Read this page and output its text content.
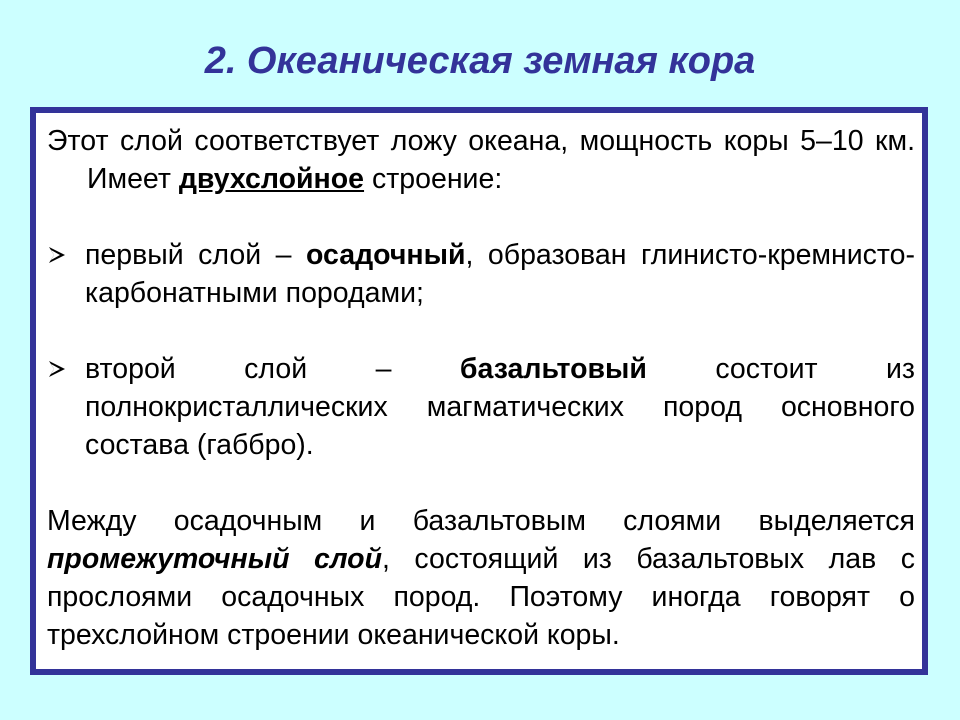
2. Океаническая земная кора

Этот слой соответствует ложу океана, мощность коры 5–10 км. Имеет двухслойное строение:

первый слой – осадочный, образован глинисто-кремнисто-карбонатными породами;

второй слой – базальтовый состоит из полнокристаллических магматических пород основного состава (габбро).

Между осадочным и базальтовым слоями выделяется промежуточный слой, состоящий из базальтовых лав с прослоями осадочных пород. Поэтому иногда говорят о трехслойном строении океанической коры.
